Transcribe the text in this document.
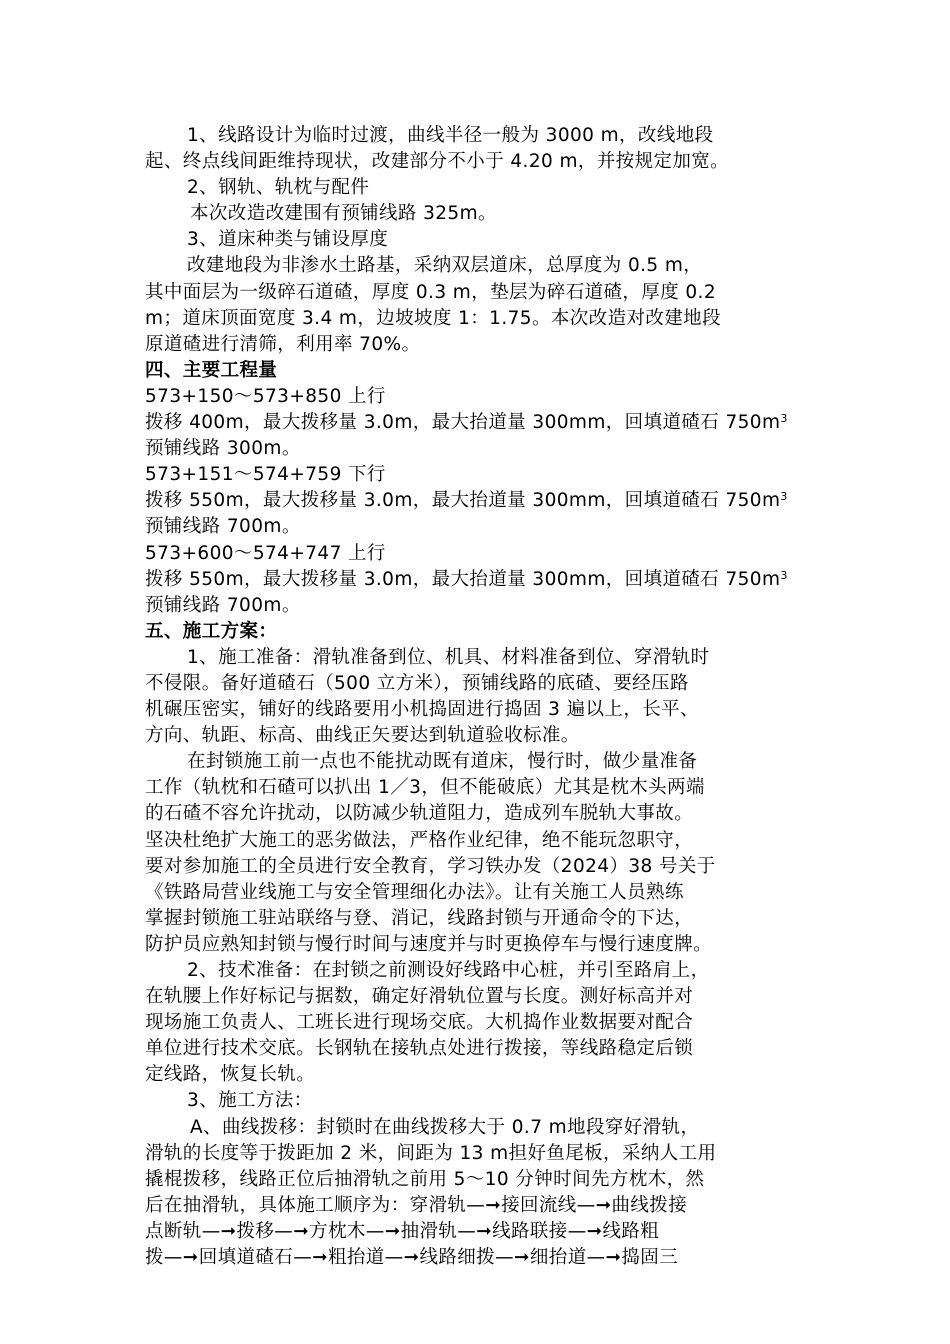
1、线路设计为临时过渡，曲线半径一般为 3000 m，改线地段
起、终点线间距维持现状，改建部分不小于 4.20 m，并按规定加宽。
2、钢轨、轨枕与配件
本次改造改建围有预铺线路 325m。
3、道床种类与铺设厚度
改建地段为非渗水土路基，采纳双层道床，总厚度为 0.5 m，
其中面层为一级碎石道碴，厚度 0.3 m，垫层为碎石道碴，厚度 0.2
m；道床顶面宽度 3.4 m，边坡坡度 1：1.75。本次改造对改建地段
原道碴进行清筛，利用率 70%。
四、主要工程量
573+150～573+850 上行
拨移 400m，最大拨移量 3.0m，最大抬道量 300mm，回填道碴石 $750m^3$
预铺线路 300m。
573+151～574+759 下行
拨移 550m，最大拨移量 3.0m，最大抬道量 300mm，回填道碴石 $750m^3$
预铺线路 700m。
573+600～574+747 上行
拨移 550m，最大拨移量 3.0m，最大抬道量 300mm，回填道碴石 $750m^3$
预铺线路 700m。
五、施工方案：
1、施工准备：滑轨准备到位、机具、材料准备到位、穿滑轨时
不侵限。备好道碴石（500 立方米），预铺线路的底碴、要经压路
机碾压密实，铺好的线路要用小机捣固进行捣固 3 遍以上，长平、
方向、轨距、标高、曲线正矢要达到轨道验收标准。
在封锁施工前一点也不能扰动既有道床，慢行时，做少量准备
工作（轨枕和石碴可以扒出 1／3，但不能破底）尤其是枕木头两端
的石碴不容允许扰动，以防减少轨道阻力，造成列车脱轨大事故。
坚决杜绝扩大施工的恶劣做法，严格作业纪律，绝不能玩忽职守，
要对参加施工的全员进行安全教育，学习铁办发（2024）38 号关于
《铁路局营业线施工与安全管理细化办法》。让有关施工人员熟练
掌握封锁施工驻站联络与登、消记，线路封锁与开通命令的下达，
防护员应熟知封锁与慢行时间与速度并与时更换停车与慢行速度牌。
2、技术准备：在封锁之前测设好线路中心桩，并引至路肩上，
在轨腰上作好标记与据数，确定好滑轨位置与长度。测好标高并对
现场施工负责人、工班长进行现场交底。大机捣作业数据要对配合
单位进行技术交底。长钢轨在接轨点处进行拨接，等线路稳定后锁
定线路，恢复长轨。
3、施工方法：
A、曲线拨移：封锁时在曲线拨移大于 0.7 m地段穿好滑轨，
滑轨的长度等于拨距加 2 米，间距为 13 m担好鱼尾板，采纳人工用
撬棍拨移，线路正位后抽滑轨之前用 5～10 分钟时间先方枕木，然
后在抽滑轨，具体施工顺序为：穿滑轨—➞接回流线—➞曲线拨接
点断轨—➞拨移—➞方枕木—➞抽滑轨—➞线路联接—➞线路粗
拨—➞回填道碴石—➞粗抬道—➞线路细拨—➞细抬道—➞捣固三
